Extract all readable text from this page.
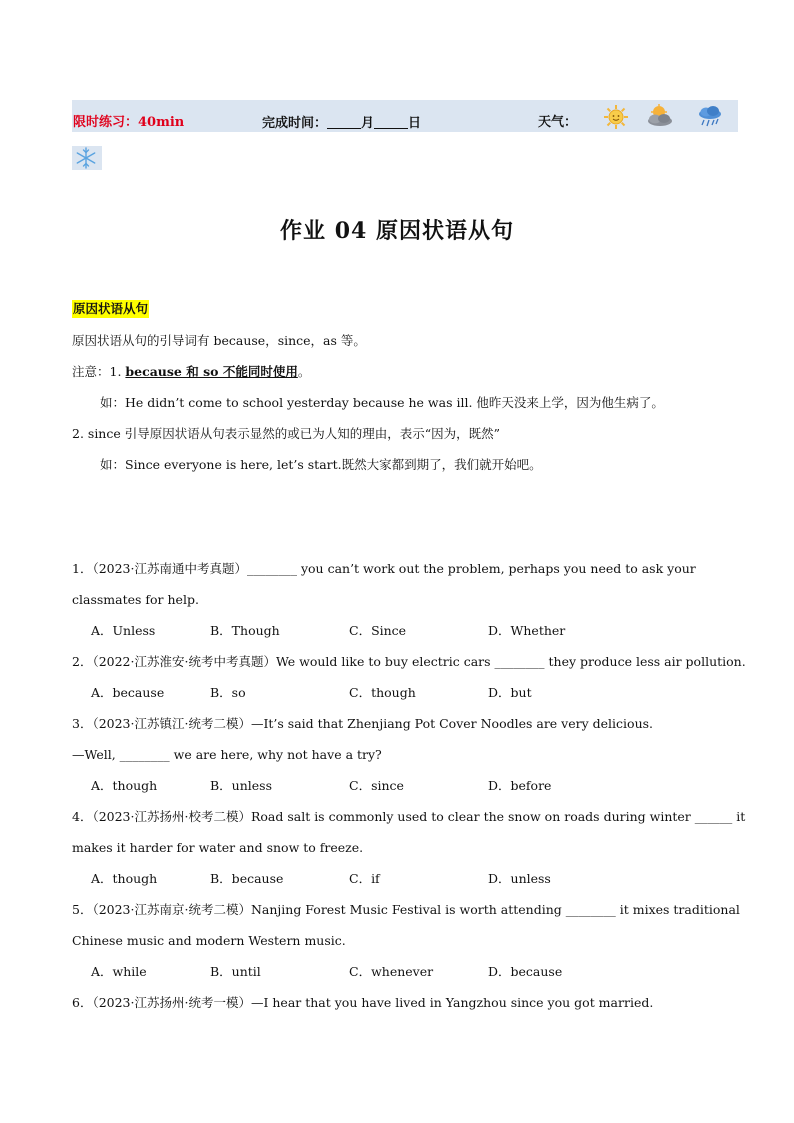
限时练习：40min	完成时间：	月	日	天气：
作业 04 原因状语从句
原因状语从句
原因状语从句的引导词有 because，since，as 等。
注意：1. because 和 so 不能同时使用。
如：He didn’t come to school yesterday because he was ill. 他昨天没来上学，因为他生病了。
2. since 引导原因状语从句表示显然的或已为人知的理由，表示“因为，既然”
如：Since everyone is here, let’s start.既然大家都到期了，我们就开始吧。
1．（2023·江苏南通中考真题）________ you can’t work out the problem, perhaps you need to ask your
classmates for help.
A．Unless	B．Though	C．Since	D．Whether
2．（2022·江苏淮安·统考中考真题）We would like to buy electric cars ________ they produce less air pollution.
A．because	B．so	C．though	D．but
3．（2023·江苏镇江·统考二模）—It’s said that Zhenjiang Pot Cover Noodles are very delicious.
—Well, ________ we are here, why not have a try?
A．though	B．unless	C．since	D．before
4．（2023·江苏扬州·校考二模）Road salt is commonly used to clear the snow on roads during winter ______ it
makes it harder for water and snow to freeze.
A．though	B．because	C．if	D．unless
5．（2023·江苏南京·统考二模）Nanjing Forest Music Festival is worth attending ________ it mixes traditional
Chinese music and modern Western music.
A．while	B．until	C．whenever	D．because
6．（2023·江苏扬州·统考一模）—I hear that you have lived in Yangzhou since you got married.
